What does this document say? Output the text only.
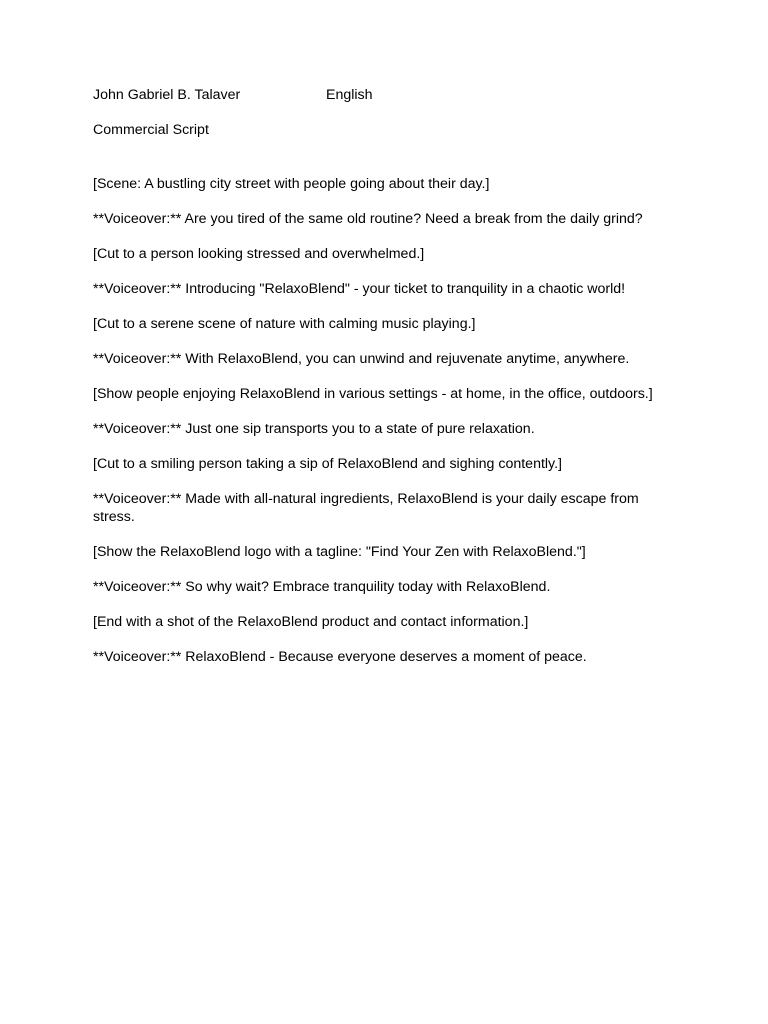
John Gabriel B. Talaver	English
Commercial Script

[Scene: A bustling city street with people going about their day.]

**Voiceover:** Are you tired of the same old routine? Need a break from the daily grind?

[Cut to a person looking stressed and overwhelmed.]

**Voiceover:** Introducing "RelaxoBlend" - your ticket to tranquility in a chaotic world!

[Cut to a serene scene of nature with calming music playing.]

**Voiceover:** With RelaxoBlend, you can unwind and rejuvenate anytime, anywhere.

[Show people enjoying RelaxoBlend in various settings - at home, in the office, outdoors.]

**Voiceover:** Just one sip transports you to a state of pure relaxation.

[Cut to a smiling person taking a sip of RelaxoBlend and sighing contently.]

**Voiceover:** Made with all-natural ingredients, RelaxoBlend is your daily escape from stress.

[Show the RelaxoBlend logo with a tagline: "Find Your Zen with RelaxoBlend."]

**Voiceover:** So why wait? Embrace tranquility today with RelaxoBlend.

[End with a shot of the RelaxoBlend product and contact information.]

**Voiceover:** RelaxoBlend - Because everyone deserves a moment of peace.
